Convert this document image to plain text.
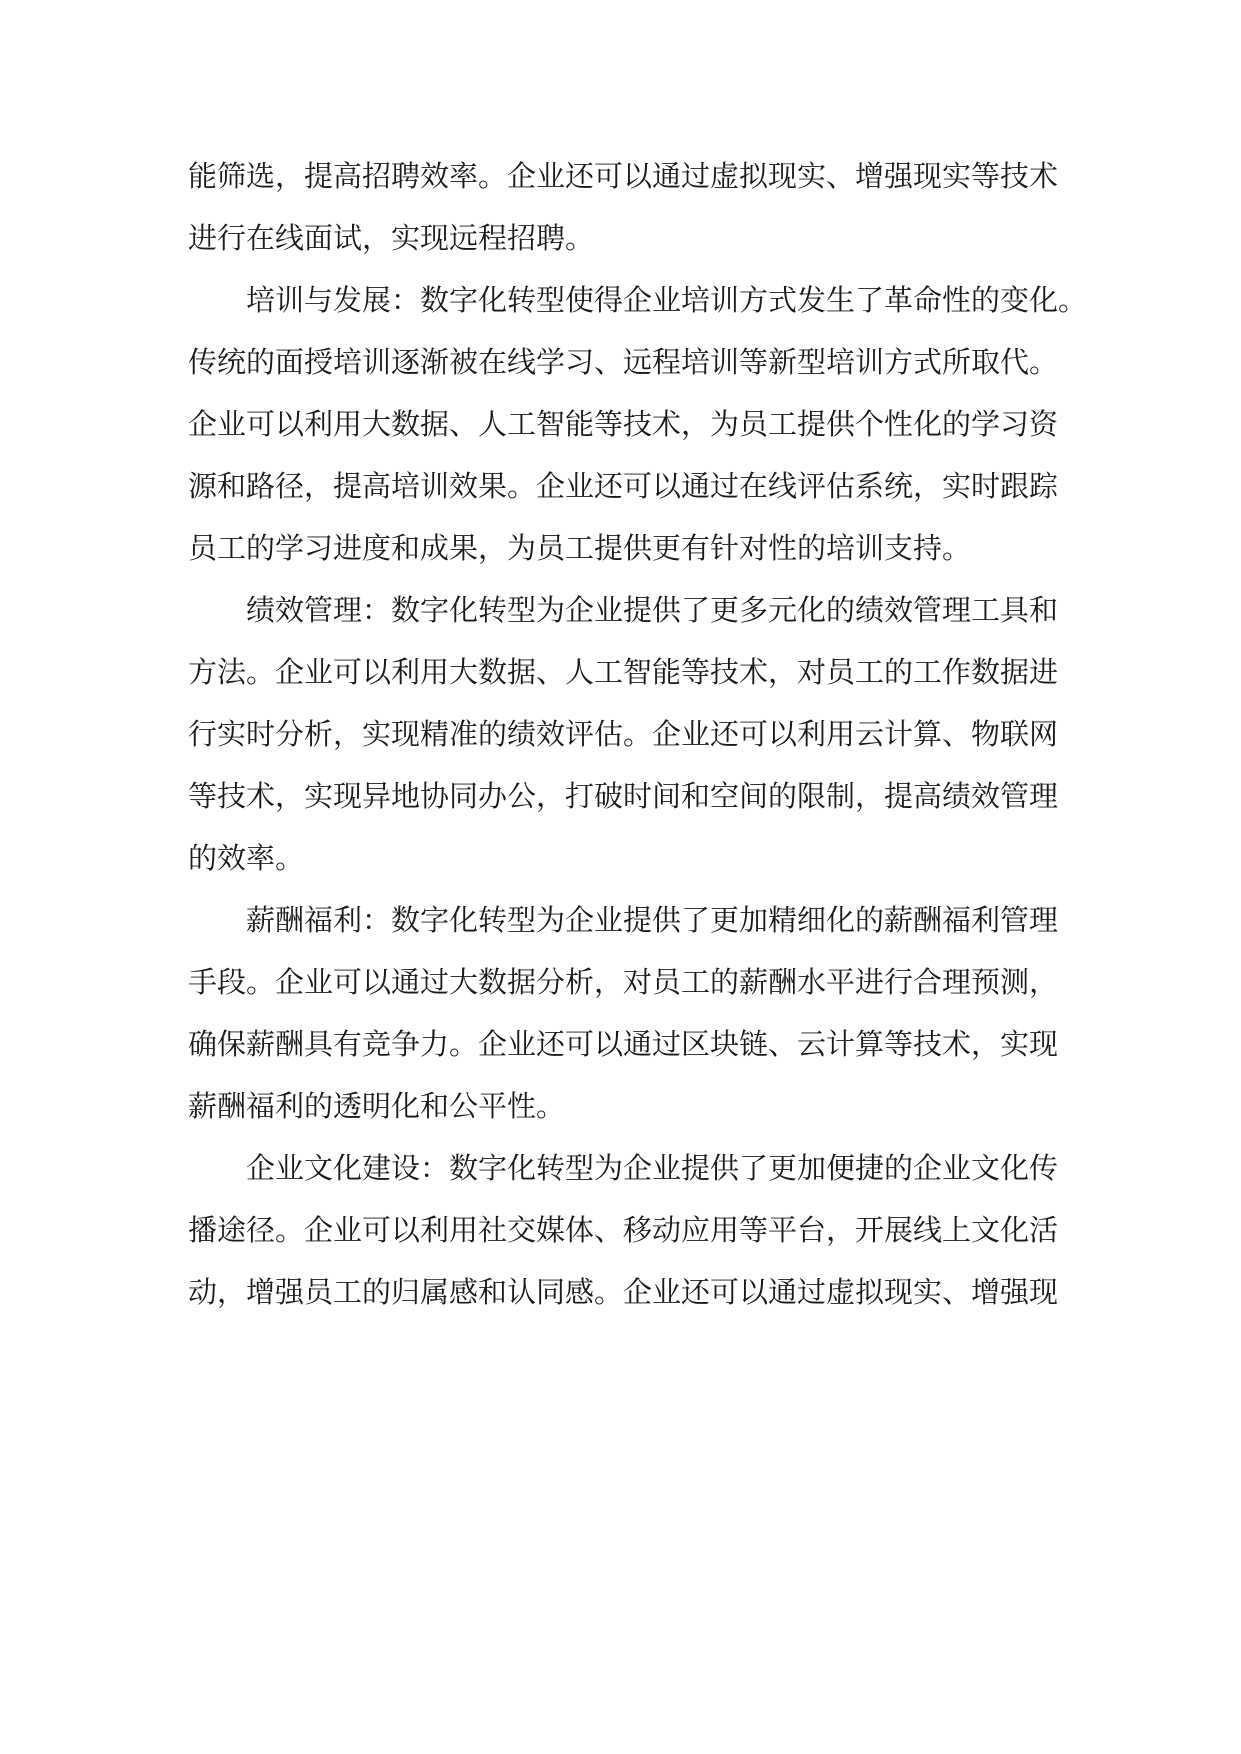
能筛选，提高招聘效率。企业还可以通过虚拟现实、增强现实等技术
进行在线面试，实现远程招聘。
　　培训与发展：数字化转型使得企业培训方式发生了革命性的变化。
传统的面授培训逐渐被在线学习、远程培训等新型培训方式所取代。
企业可以利用大数据、人工智能等技术，为员工提供个性化的学习资
源和路径，提高培训效果。企业还可以通过在线评估系统，实时跟踪
员工的学习进度和成果，为员工提供更有针对性的培训支持。
　　绩效管理：数字化转型为企业提供了更多元化的绩效管理工具和
方法。企业可以利用大数据、人工智能等技术，对员工的工作数据进
行实时分析，实现精准的绩效评估。企业还可以利用云计算、物联网
等技术，实现异地协同办公，打破时间和空间的限制，提高绩效管理
的效率。
　　薪酬福利：数字化转型为企业提供了更加精细化的薪酬福利管理
手段。企业可以通过大数据分析，对员工的薪酬水平进行合理预测，
确保薪酬具有竞争力。企业还可以通过区块链、云计算等技术，实现
薪酬福利的透明化和公平性。
　　企业文化建设：数字化转型为企业提供了更加便捷的企业文化传
播途径。企业可以利用社交媒体、移动应用等平台，开展线上文化活
动，增强员工的归属感和认同感。企业还可以通过虚拟现实、增强现
